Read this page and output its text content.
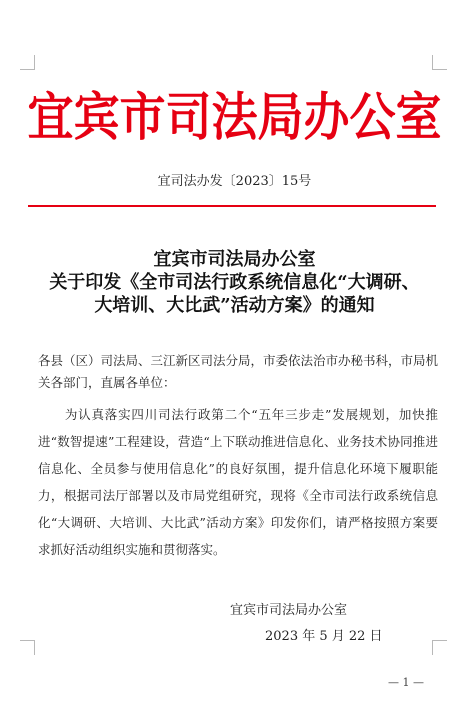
宜宾市司法局办公室
宜司法办发〔2023〕15号
宜宾市司法局办公室
关于印发《全市司法行政系统信息化“大调研、
大培训、大比武”活动方案》的通知
各县（区）司法局、三江新区司法分局，市委依法治市办秘书科，市局机关各部门，直属各单位：
为认真落实四川司法行政第二个“五年三步走”发展规划，加快推进“数智提速”工程建设，营造“上下联动推进信息化、业务技术协同推进信息化、全员参与使用信息化”的良好氛围，提升信息化环境下履职能力，根据司法厅部署以及市局党组研究，现将《全市司法行政系统信息化“大调研、大培训、大比武”活动方案》印发你们，请严格按照方案要求抓好活动组织实施和贯彻落实。
宜宾市司法局办公室
2023 年 5 月 22 日
— 1 —
